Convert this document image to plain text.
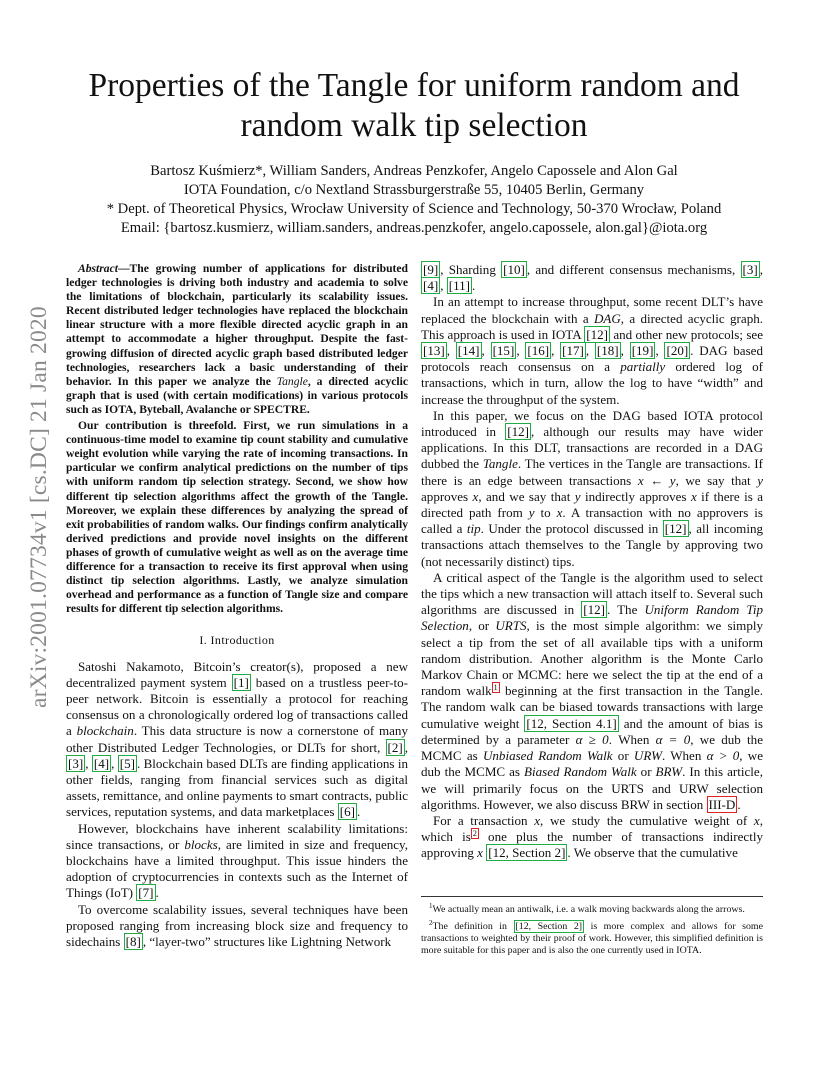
arXiv:2001.07734v1 [cs.DC] 21 Jan 2020
Properties of the Tangle for uniform random and
random walk tip selection
Bartosz Kuśmierz*, William Sanders, Andreas Penzkofer, Angelo Capossele and Alon Gal
IOTA Foundation, c/o Nextland Strassburgerstraße 55, 10405 Berlin, Germany
* Dept. of Theoretical Physics, Wrocław University of Science and Technology, 50-370 Wrocław, Poland
Email: {bartosz.kusmierz, william.sanders, andreas.penzkofer, angelo.capossele, alon.gal}@iota.org

Abstract—The growing number of applications for distributed ledger technologies is driving both industry and academia to solve the limitations of blockchain, particularly its scalability issues. Recent distributed ledger technologies have replaced the blockchain linear structure with a more flexible directed acyclic graph in an attempt to accommodate a higher throughput. Despite the fast-growing diffusion of directed acyclic graph based distributed ledger technologies, researchers lack a basic understanding of their behavior. In this paper we analyze the Tangle, a directed acyclic graph that is used (with certain modifications) in various protocols such as IOTA, Byteball, Avalanche or SPECTRE.

Our contribution is threefold. First, we run simulations in a continuous-time model to examine tip count stability and cumulative weight evolution while varying the rate of incoming transactions. In particular we confirm analytical predictions on the number of tips with uniform random tip selection strategy. Second, we show how different tip selection algorithms affect the growth of the Tangle. Moreover, we explain these differences by analyzing the spread of exit probabilities of random walks. Our findings confirm analytically derived predictions and provide novel insights on the different phases of growth of cumulative weight as well as on the average time difference for a transaction to receive its first approval when using distinct tip selection algorithms. Lastly, we analyze simulation overhead and performance as a function of Tangle size and compare results for different tip selection algorithms.

I. Introduction

Satoshi Nakamoto, Bitcoin’s creator(s), proposed a new decentralized payment system [1] based on a trustless peer-to-peer network. Bitcoin is essentially a protocol for reaching consensus on a chronologically ordered log of transactions called a blockchain. This data structure is now a cornerstone of many other Distributed Ledger Technologies, or DLTs for short, [2] , [3] , [4] , [5] . Blockchain based DLTs are finding applications in other fields, ranging from financial services such as digital assets, remittance, and online payments to smart contracts, public services, reputation systems, and data marketplaces [6] .

However, blockchains have inherent scalability limitations: since transactions, or blocks, are limited in size and frequency, blockchains have a limited throughput. This issue hinders the adoption of cryptocurrencies in contexts such as the Internet of Things (IoT) [7] .

To overcome scalability issues, several techniques have been proposed ranging from increasing block size and frequency to sidechains [8] , “layer-two” structures like Lightning Network

[9] , Sharding [10] , and different consensus mechanisms, [3] , [4] , [11] .

In an attempt to increase throughput, some recent DLT’s have replaced the blockchain with a DAG, a directed acyclic graph. This approach is used in IOTA [12] and other new protocols; see [13] , [14] , [15] , [16] , [17] , [18] , [19] , [20] . DAG based protocols reach consensus on a partially ordered log of transactions, which in turn, allow the log to have “width” and increase the throughput of the system.

In this paper, we focus on the DAG based IOTA protocol introduced in [12] , although our results may have wider applications. In this DLT, transactions are recorded in a DAG dubbed the Tangle. The vertices in the Tangle are transactions. If there is an edge between transactions x ← y, we say that y approves x, and we say that y indirectly approves x if there is a directed path from y to x. A transaction with no approvers is called a tip. Under the protocol discussed in [12] , all incoming transactions attach themselves to the Tangle by approving two (not necessarily distinct) tips.

A critical aspect of the Tangle is the algorithm used to select the tips which a new transaction will attach itself to. Several such algorithms are discussed in [12] . The Uniform Random Tip Selection, or URTS, is the most simple algorithm: we simply select a tip from the set of all available tips with a uniform random distribution. Another algorithm is the Monte Carlo Markov Chain or MCMC: here we select the tip at the end of a random walk $^1$ beginning at the first transaction in the Tangle. The random walk can be biased towards transactions with large cumulative weight [12, Section 4.1] and the amount of bias is determined by a parameter α ≥ 0. When α = 0, we dub the MCMC as Unbiased Random Walk or URW. When α > 0, we dub the MCMC as Biased Random Walk or BRW. In this article, we will primarily focus on the URTS and URW selection algorithms. However, we also discuss BRW in section III-D .

For a transaction x, we study the cumulative weight of x, which is $^2$ one plus the number of transactions indirectly approving x [12, Section 2] . We observe that the cumulative

$^1$We actually mean an antiwalk, i.e. a walk moving backwards along the arrows.
$^2$The definition in [12, Section 2] is more complex and allows for some transactions to weighted by their proof of work. However, this simplified definition is more suitable for this paper and is also the one currently used in IOTA.
